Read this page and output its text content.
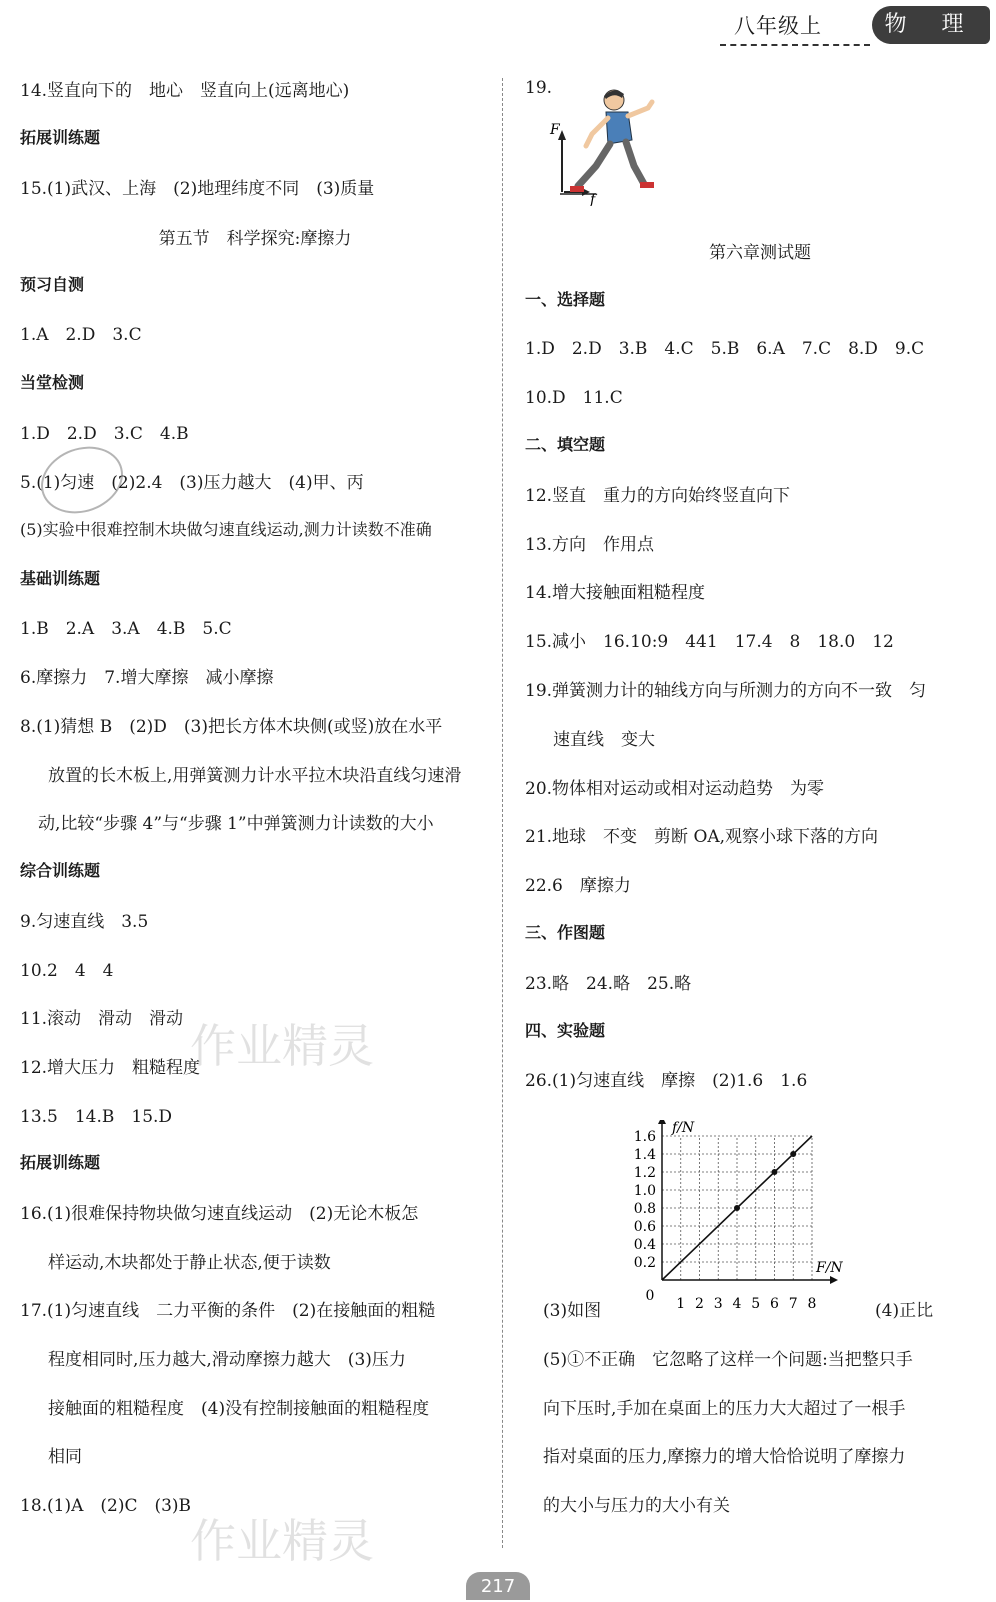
八年级上	物 理
14.竖直向下的　地心　竖直向上(远离地心)
拓展训练题
15.(1)武汉、上海　(2)地理纬度不同　(3)质量
第五节　科学探究:摩擦力
预习自测
1.A　2.D　3.C
当堂检测
1.D　2.D　3.C　4.B
5.(1)匀速　(2)2.4　(3)压力越大　(4)甲、丙
(5)实验中很难控制木块做匀速直线运动,测力计读数不准确
基础训练题
1.B　2.A　3.A　4.B　5.C
6.摩擦力　7.增大摩擦　减小摩擦
8.(1)猜想 B　(2)D　(3)把长方体木块侧(或竖)放在水平
放置的长木板上,用弹簧测力计水平拉木块沿直线匀速滑
动,比较“步骤 4”与“步骤 1”中弹簧测力计读数的大小
综合训练题
9.匀速直线　3.5
10.2　4　4
11.滚动　滑动　滑动
12.增大压力　粗糙程度
13.5　14.B　15.D
拓展训练题
16.(1)很难保持物块做匀速直线运动　(2)无论木板怎
样运动,木块都处于静止状态,便于读数
17.(1)匀速直线　二力平衡的条件　(2)在接触面的粗糙
程度相同时,压力越大,滑动摩擦力越大　(3)压力
接触面的粗糙程度　(4)没有控制接触面的粗糙程度
相同
18.(1)A　(2)C　(3)B
19.
第六章测试题
一、选择题
1.D　2.D　3.B　4.C　5.B　6.A　7.C　8.D　9.C
10.D　11.C
二、填空题
12.竖直　重力的方向始终竖直向下
13.方向　作用点
14.增大接触面粗糙程度
15.减小　16.10:9　441　17.4　8　18.0　12
19.弹簧测力计的轴线方向与所测力的方向不一致　匀
速直线　变大
20.物体相对运动或相对运动趋势　为零
21.地球　不变　剪断 OA,观察小球下落的方向
22.6　摩擦力
三、作图题
23.略　24.略　25.略
四、实验题
26.(1)匀速直线　摩擦　(2)1.6　1.6
(3)如图	(4)正比
(5)①不正确　它忽略了这样一个问题:当把整只手
向下压时,手加在桌面上的压力大大超过了一根手
指对桌面的压力,摩擦力的增大恰恰说明了摩擦力
的大小与压力的大小有关
F
f
1 2 3 4 5 6 7 8
0.2
0.4
0.6
0.8
1.0
1.2
1.4
1.6
0
F/N
f/N
217
作业精灵
作业精灵
